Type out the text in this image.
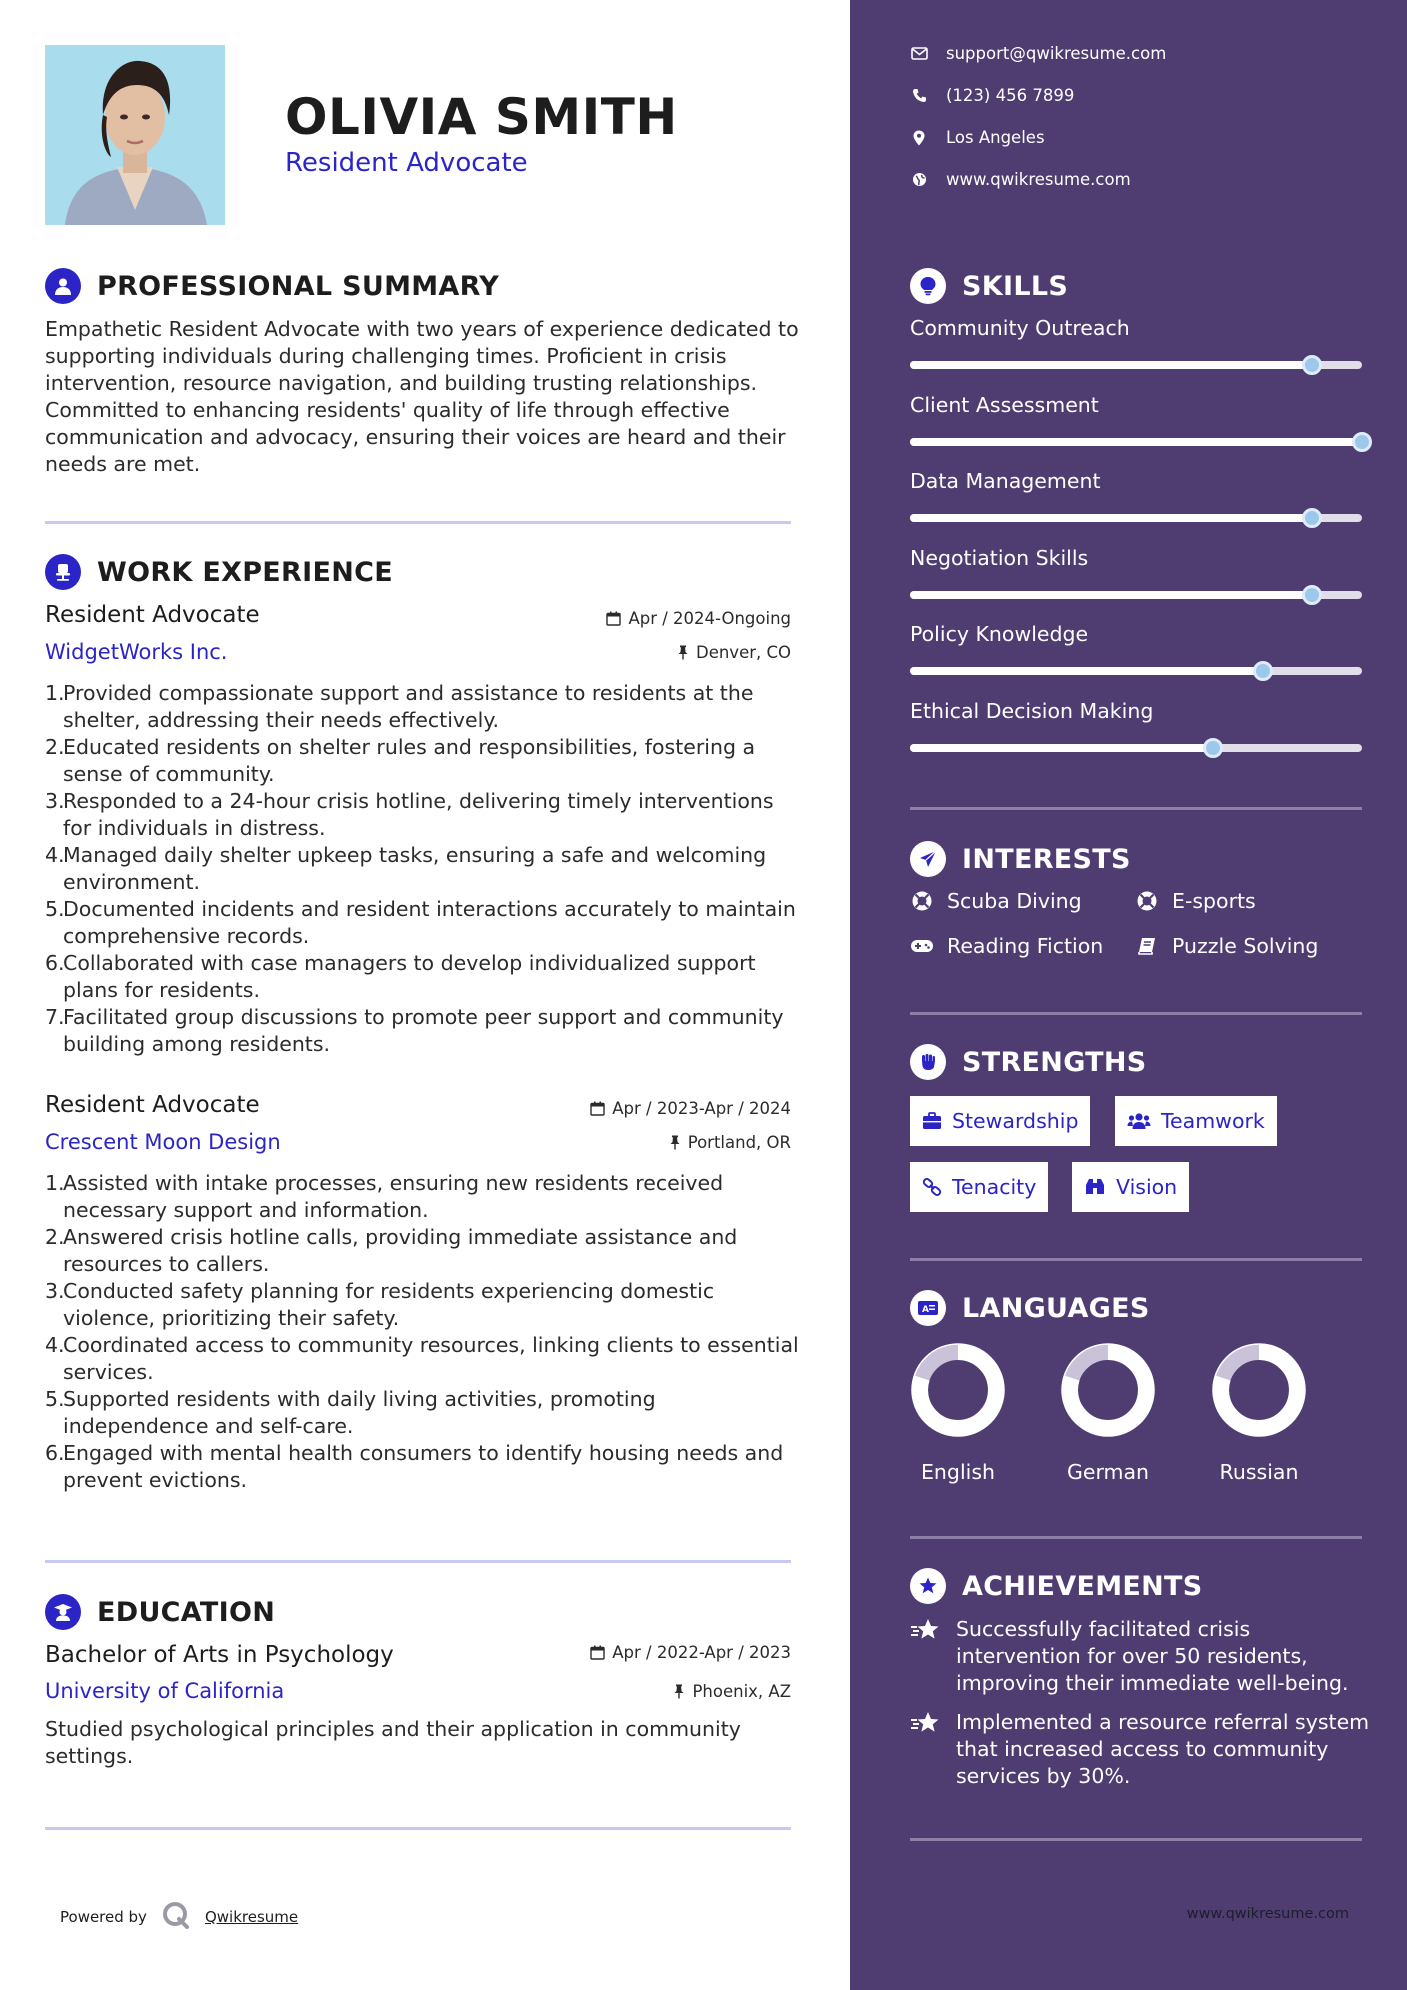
OLIVIA SMITH
Resident Advocate
PROFESSIONAL SUMMARY
Empathetic Resident Advocate with two years of experience dedicated to supporting individuals during challenging times. Proficient in crisis intervention, resource navigation, and building trusting relationships. Committed to enhancing residents' quality of life through effective communication and advocacy, ensuring their voices are heard and their needs are met.
WORK EXPERIENCE
Resident Advocate	Apr / 2024-Ongoing
WidgetWorks Inc.	Denver, CO
1.
Provided compassionate support and assistance to residents at the shelter, addressing their needs effectively.
2.
Educated residents on shelter rules and responsibilities, fostering a sense of community.
3.
Responded to a 24-hour crisis hotline, delivering timely interventions for individuals in distress.
4.
Managed daily shelter upkeep tasks, ensuring a safe and welcoming environment.
5.
Documented incidents and resident interactions accurately to maintain comprehensive records.
6.
Collaborated with case managers to develop individualized support plans for residents.
7.
Facilitated group discussions to promote peer support and community building among residents.
Resident Advocate	Apr / 2023-Apr / 2024
Crescent Moon Design	Portland, OR
1.
Assisted with intake processes, ensuring new residents received necessary support and information.
2.
Answered crisis hotline calls, providing immediate assistance and resources to callers.
3.
Conducted safety planning for residents experiencing domestic violence, prioritizing their safety.
4.
Coordinated access to community resources, linking clients to essential services.
5.
Supported residents with daily living activities, promoting independence and self-care.
6.
Engaged with mental health consumers to identify housing needs and prevent evictions.
EDUCATION
Bachelor of Arts in Psychology	Apr / 2022-Apr / 2023
University of California	Phoenix, AZ
Studied psychological principles and their application in community settings.
Powered by	Qwikresume
support@qwikresume.com
(123) 456 7899
Los Angeles
www.qwikresume.com
SKILLS
Community Outreach
Client Assessment
Data Management
Negotiation Skills
Policy Knowledge
Ethical Decision Making
INTERESTS
Scuba Diving	E-sports
Reading Fiction	Puzzle Solving
STRENGTHS
Stewardship	Teamwork
Tenacity	Vision
A LANGUAGES
English	German	Russian
ACHIEVEMENTS
Successfully facilitated crisis intervention for over 50 residents, improving their immediate well-being.
Implemented a resource referral system that increased access to community services by 30%.
www.qwikresume.com
